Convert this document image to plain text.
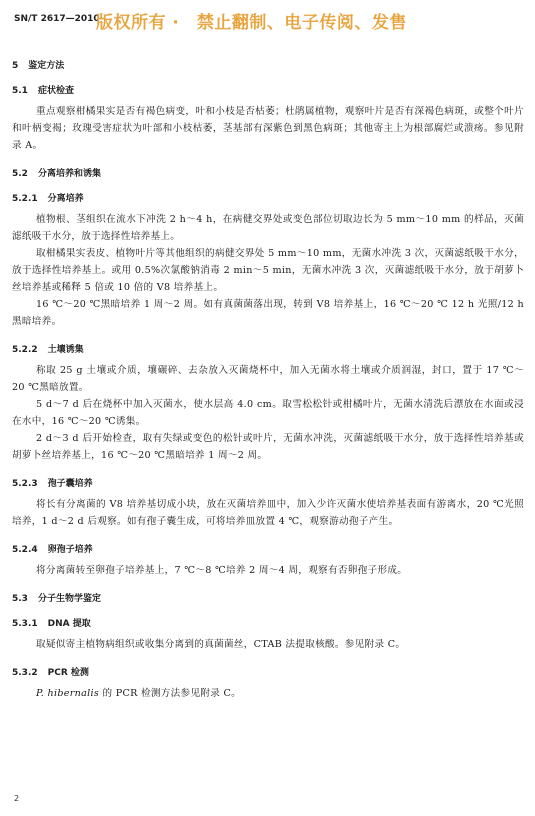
SN/T 2617—2010
版权所有 ·　禁止翻制、电子传阅、发售
5 鉴定方法
5.1 症状检查

重点观察柑橘果实是否有褐色病变，叶和小枝是否枯萎；杜鹃属植物，观察叶片是否有深褐色病斑，或整个叶片和叶柄变褐；玫瑰受害症状为叶部和小枝枯萎，茎基部有深紫色到黑色病斑；其他寄主上为根部腐烂或溃疡。参见附录 A。

5.2 分离培养和诱集
5.2.1 分离培养

植物根、茎组织在流水下冲洗 2 h～4 h，在病健交界处或变色部位切取边长为 5 mm～10 mm 的样品，灭菌滤纸吸干水分，放于选择性培养基上。

取柑橘果实表皮、植物叶片等其他组织的病健交界处 5 mm～10 mm，无菌水冲洗 3 次，灭菌滤纸吸干水分，放于选择性培养基上。或用 0.5%次氯酸钠消毒 2 min～5 min，无菌水冲洗 3 次，灭菌滤纸吸干水分，放于胡萝卜丝培养基或稀释 5 倍或 10 倍的 V8 培养基上。

16 ℃～20 ℃黑暗培养 1 周～2 周。如有真菌菌落出现，转到 V8 培养基上，16 ℃～20 ℃ 12 h 光照/12 h 黑暗培养。

5.2.2 土壤诱集

称取 25 g 土壤或介质，壤碾碎、去杂放入灭菌烧杯中，加入无菌水将土壤或介质润湿，封口，置于 17 ℃～20 ℃黑暗放置。

5 d～7 d 后在烧杯中加入灭菌水，使水层高 4.0 cm。取雪松松针或柑橘叶片，无菌水清洗后漂放在水面或浸在水中，16 ℃～20 ℃诱集。

2 d～3 d 后开始检查，取有失绿或变色的松针或叶片，无菌水冲洗，灭菌滤纸吸干水分，放于选择性培养基或胡萝卜丝培养基上，16 ℃～20 ℃黑暗培养 1 周～2 周。

5.2.3 孢子囊培养

将长有分离菌的 V8 培养基切成小块，放在灭菌培养皿中，加入少许灭菌水使培养基表面有游离水，20 ℃光照培养，1 d～2 d 后观察。如有孢子囊生成，可将培养皿放置 4 ℃，观察游动孢子产生。

5.2.4 卵孢子培养

将分离菌转至卵孢子培养基上，7 ℃～8 ℃培养 2 周～4 周，观察有否卵孢子形成。

5.3 分子生物学鉴定
5.3.1 DNA 提取

取疑似寄主植物病组织或收集分离到的真菌菌丝，CTAB 法提取核酸。参见附录 C。

5.3.2 PCR 检测

P. hibernalis 的 PCR 检测方法参见附录 C。

2
